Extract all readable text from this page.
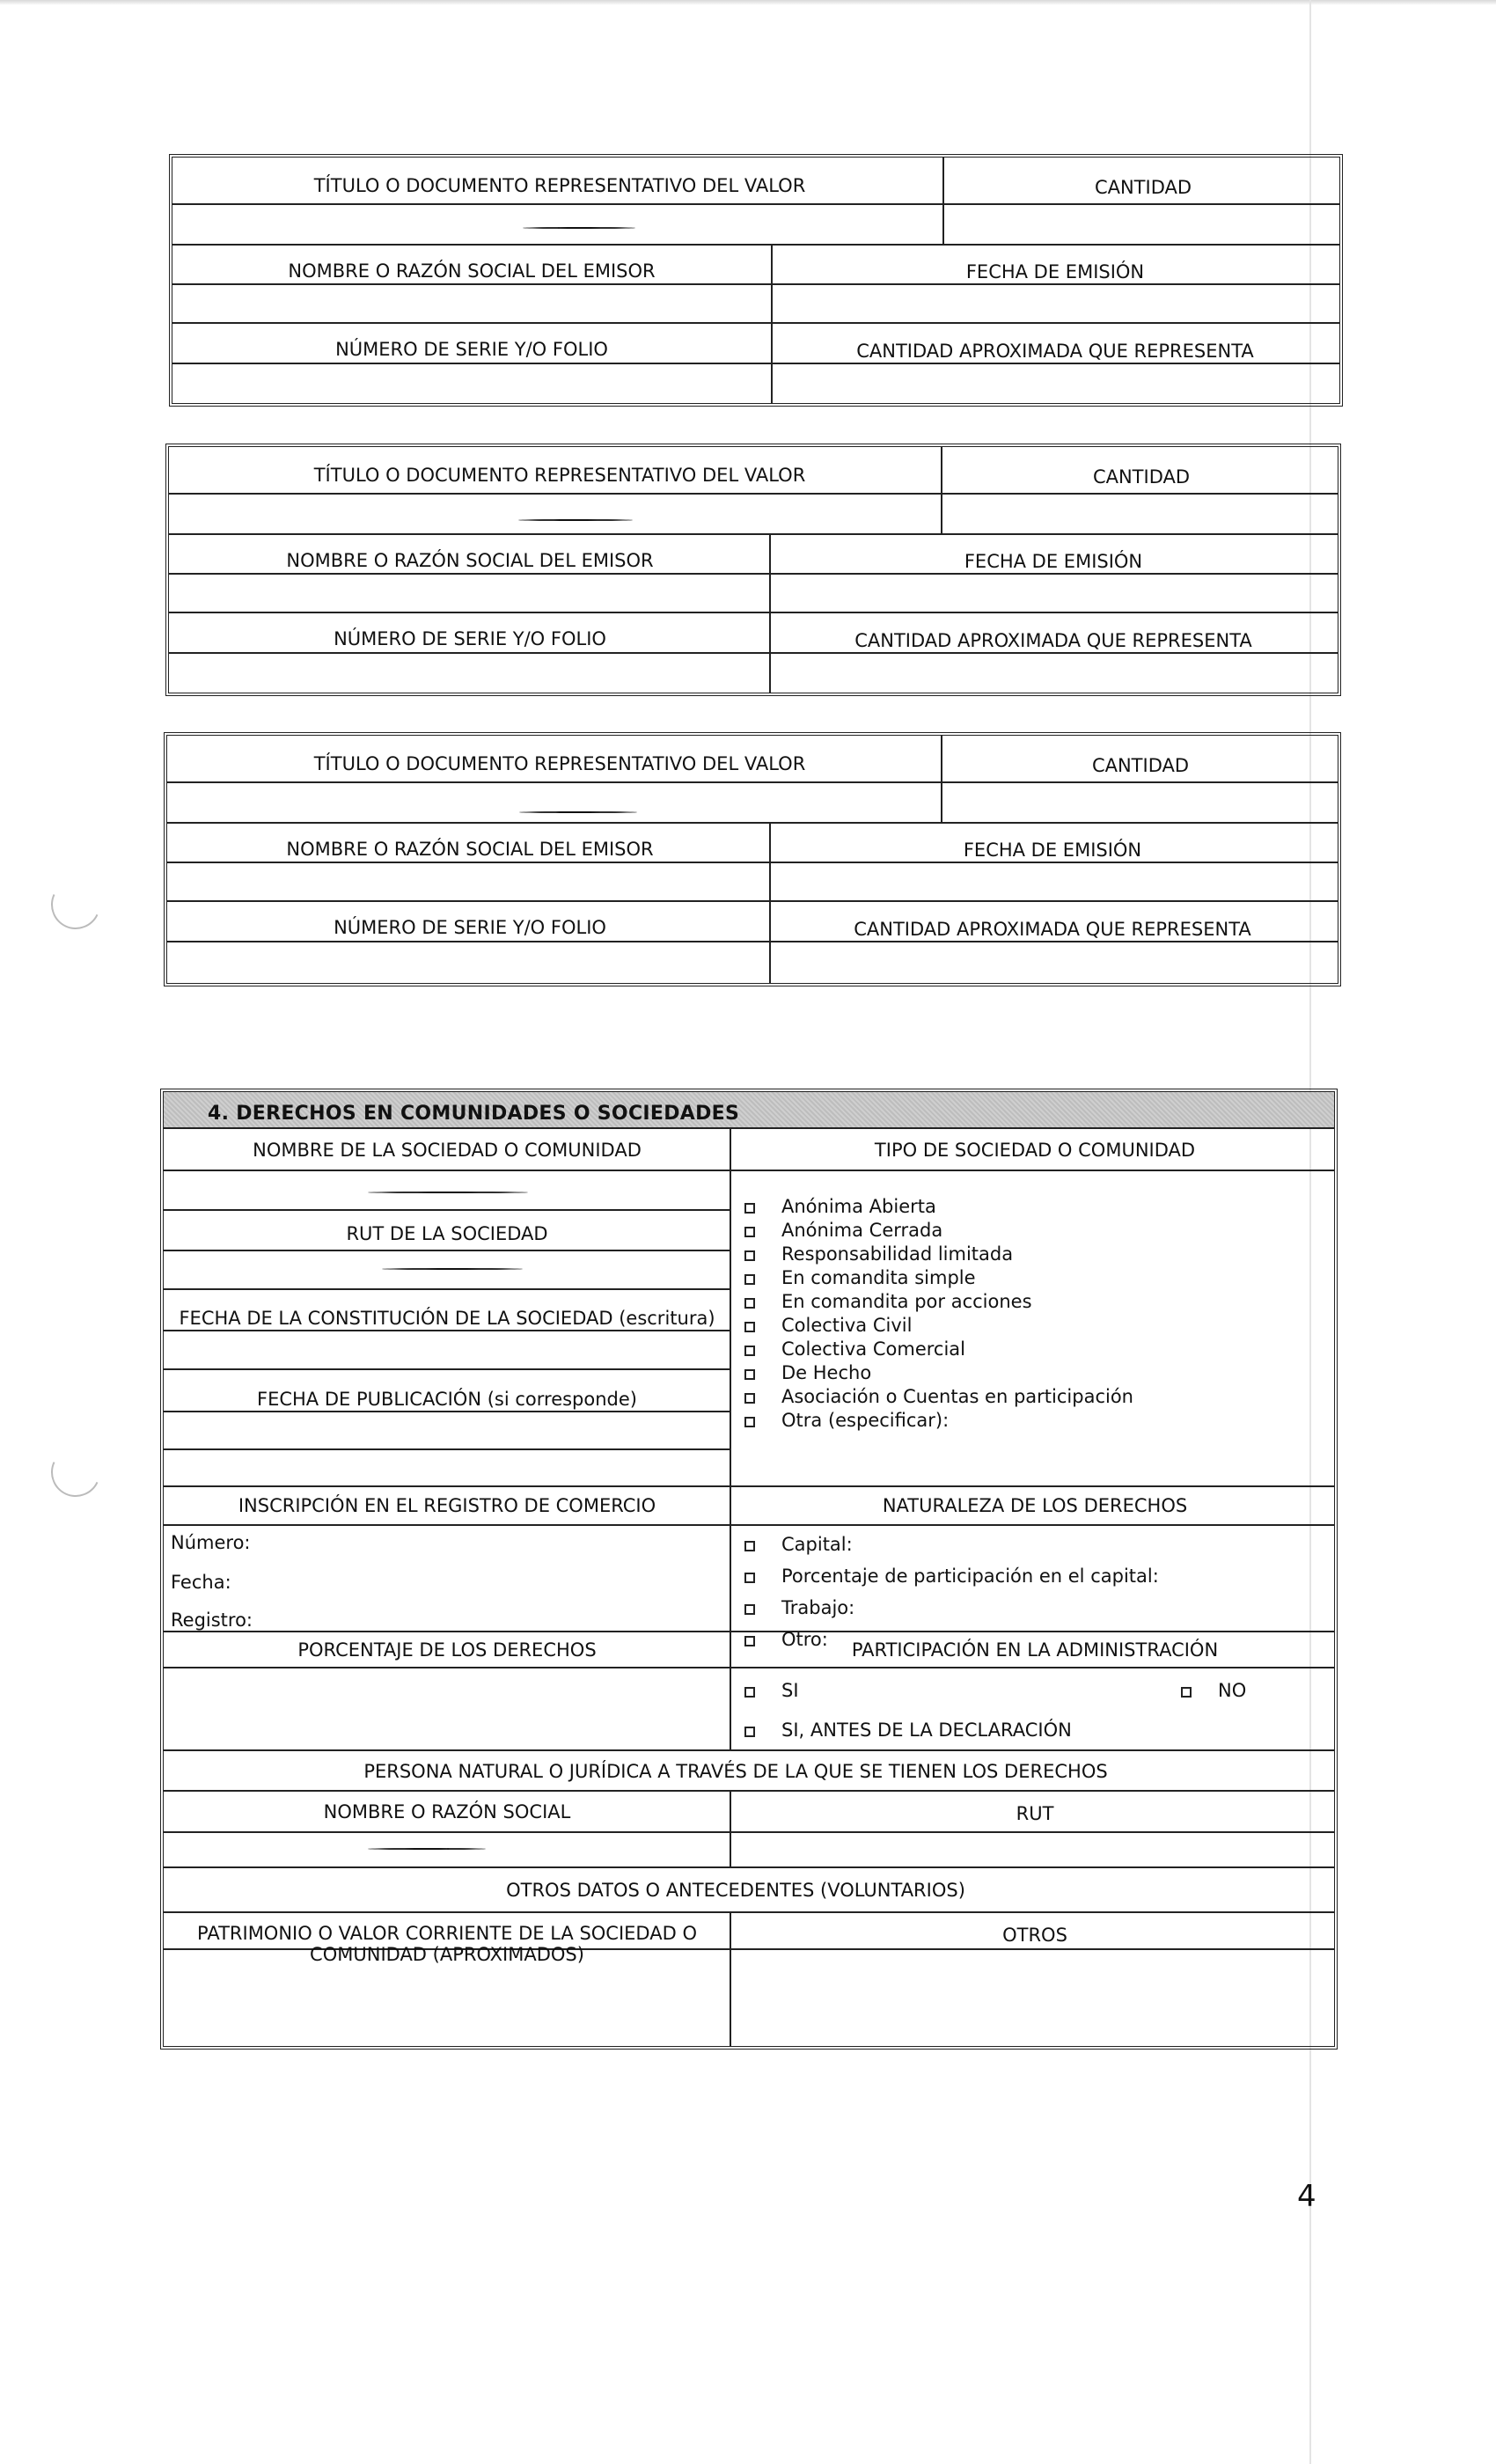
TÍTULO O DOCUMENTO REPRESENTATIVO DEL VALOR	CANTIDAD
NOMBRE O RAZÓN SOCIAL DEL EMISOR	FECHA DE EMISIÓN
NÚMERO DE SERIE Y/O FOLIO	CANTIDAD APROXIMADA QUE REPRESENTA
TÍTULO O DOCUMENTO REPRESENTATIVO DEL VALOR	CANTIDAD
NOMBRE O RAZÓN SOCIAL DEL EMISOR	FECHA DE EMISIÓN
NÚMERO DE SERIE Y/O FOLIO	CANTIDAD APROXIMADA QUE REPRESENTA
TÍTULO O DOCUMENTO REPRESENTATIVO DEL VALOR	CANTIDAD
NOMBRE O RAZÓN SOCIAL DEL EMISOR	FECHA DE EMISIÓN
NÚMERO DE SERIE Y/O FOLIO	CANTIDAD APROXIMADA QUE REPRESENTA
4. DERECHOS EN COMUNIDADES O SOCIEDADES
NOMBRE DE LA SOCIEDAD O COMUNIDAD
RUT DE LA SOCIEDAD
FECHA DE LA CONSTITUCIÓN DE LA SOCIEDAD (escritura)
FECHA DE PUBLICACIÓN (si corresponde)
TIPO DE SOCIEDAD O COMUNIDAD
Anónima Abierta
Anónima Cerrada
Responsabilidad limitada
En comandita simple
En comandita por acciones
Colectiva Civil
Colectiva Comercial
De Hecho
Asociación o Cuentas en participación
Otra (especificar):
INSCRIPCIÓN EN EL REGISTRO DE COMERCIO	NATURALEZA DE LOS DERECHOS
Número:
Fecha:
Registro:
Capital:
Porcentaje de participación en el capital:
Trabajo:
Otro:
PORCENTAJE DE LOS DERECHOS	PARTICIPACIÓN EN LA ADMINISTRACIÓN
SI	NO
SI, ANTES DE LA DECLARACIÓN
PERSONA NATURAL O JURÍDICA A TRAVÉS DE LA QUE SE TIENEN LOS DERECHOS
NOMBRE O RAZÓN SOCIAL	RUT
OTROS DATOS O ANTECEDENTES (VOLUNTARIOS)
PATRIMONIO O VALOR CORRIENTE DE LA SOCIEDAD O
COMUNIDAD (APROXIMADOS)
OTROS
4
